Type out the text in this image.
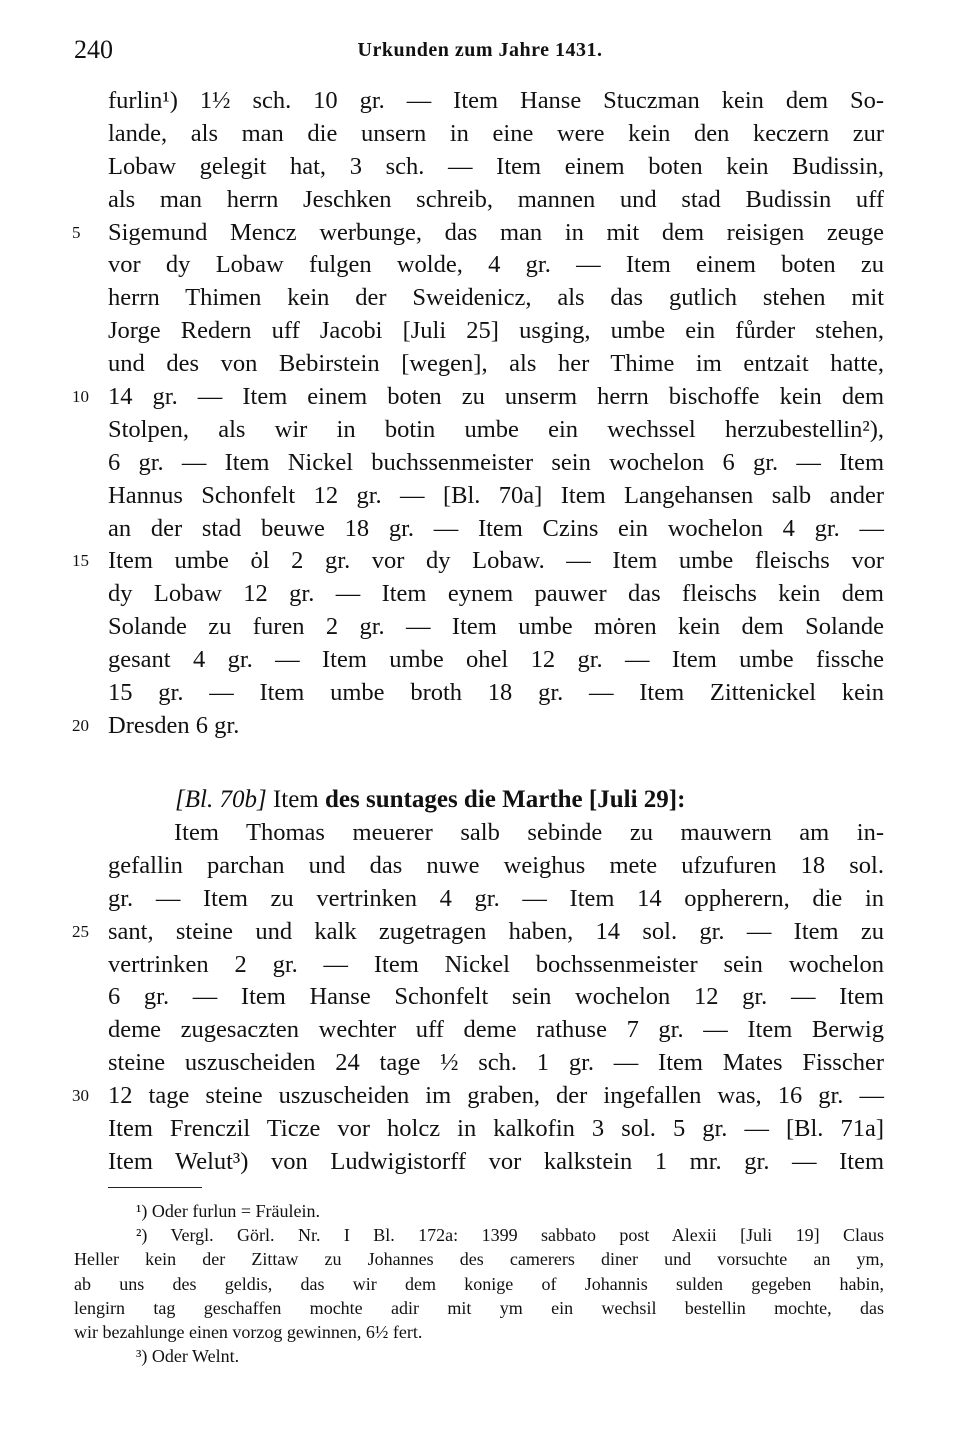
240	Urkunden zum Jahre 1431.
furlin¹) 1½ sch. 10 gr. — Item Hanse Stuczman kein dem So-
lande, als man die unsern in eine were kein den keczern zur
Lobaw gelegit hat, 3 sch. — Item einem boten kein Budissin,
als man herrn Jeschken schreib, mannen und stad Budissin uff
5	Sigemund Mencz werbunge, das man in mit dem reisigen zeuge
vor dy Lobaw fulgen wolde, 4 gr. — Item einem boten zu
herrn Thimen kein der Sweidenicz, als das gutlich stehen mit
Jorge Redern uff Jacobi [Juli 25] usging, umbe ein fůrder stehen,
und des von Bebirstein [wegen], als her Thime im entzait hatte,
10 14 gr. — Item einem boten zu unserm herrn bischoffe kein dem
Stolpen, als wir in botin umbe ein wechssel herzubestellin²),
6 gr. — Item Nickel buchssenmeister sein wochelon 6 gr. — Item
Hannus Schonfelt 12 gr. — [Bl. 70a] Item Langehansen salb ander
an der stad beuwe 18 gr. — Item Czins ein wochelon 4 gr. —
15 Item umbe ȯl 2 gr. vor dy Lobaw. — Item umbe fleischs vor
dy Lobaw 12 gr. — Item eynem pauwer das fleischs kein dem
Solande zu furen 2 gr. — Item umbe mȯren kein dem Solande
gesant 4 gr. — Item umbe ohel 12 gr. — Item umbe fissche
15 gr. — Item umbe broth 18 gr. — Item Zittenickel kein
20 Dresden 6 gr.
[Bl. 70b] Item des suntages die Marthe [Juli 29]:
Item Thomas meuerer salb sebinde zu mauwern am in-
gefallin parchan und das nuwe weighus mete ufzufuren 18 sol.
gr. — Item zu vertrinken 4 gr. — Item 14 oppherern, die in
25 sant, steine und kalk zugetragen haben, 14 sol. gr. — Item zu
vertrinken 2 gr. — Item Nickel bochssenmeister sein wochelon
6 gr. — Item Hanse Schonfelt sein wochelon 12 gr. — Item
deme zugesaczten wechter uff deme rathuse 7 gr. — Item Berwig
steine uszuscheiden 24 tage ½ sch. 1 gr. — Item Mates Fisscher
30 12 tage steine uszuscheiden im graben, der ingefallen was, 16 gr. —
Item Frenczil Ticze vor holcz in kalkofin 3 sol. 5 gr. — [Bl. 71a]
Item Welut³) von Ludwigistorff vor kalkstein 1 mr. gr. — Item
¹) Oder furlun = Fräulein.
²) Vergl. Görl. Nr. I Bl. 172a: 1399 sabbato post Alexii [Juli 19] Claus
Heller kein der Zittaw zu Johannes des camerers diner und vorsuchte an ym,
ab uns des geldis, das wir dem konige of Johannis sulden gegeben habin,
lengirn tag geschaffen mochte adir mit ym ein wechsil bestellin mochte, das
wir bezahlunge einen vorzog gewinnen, 6½ fert.
³) Oder Welnt.
